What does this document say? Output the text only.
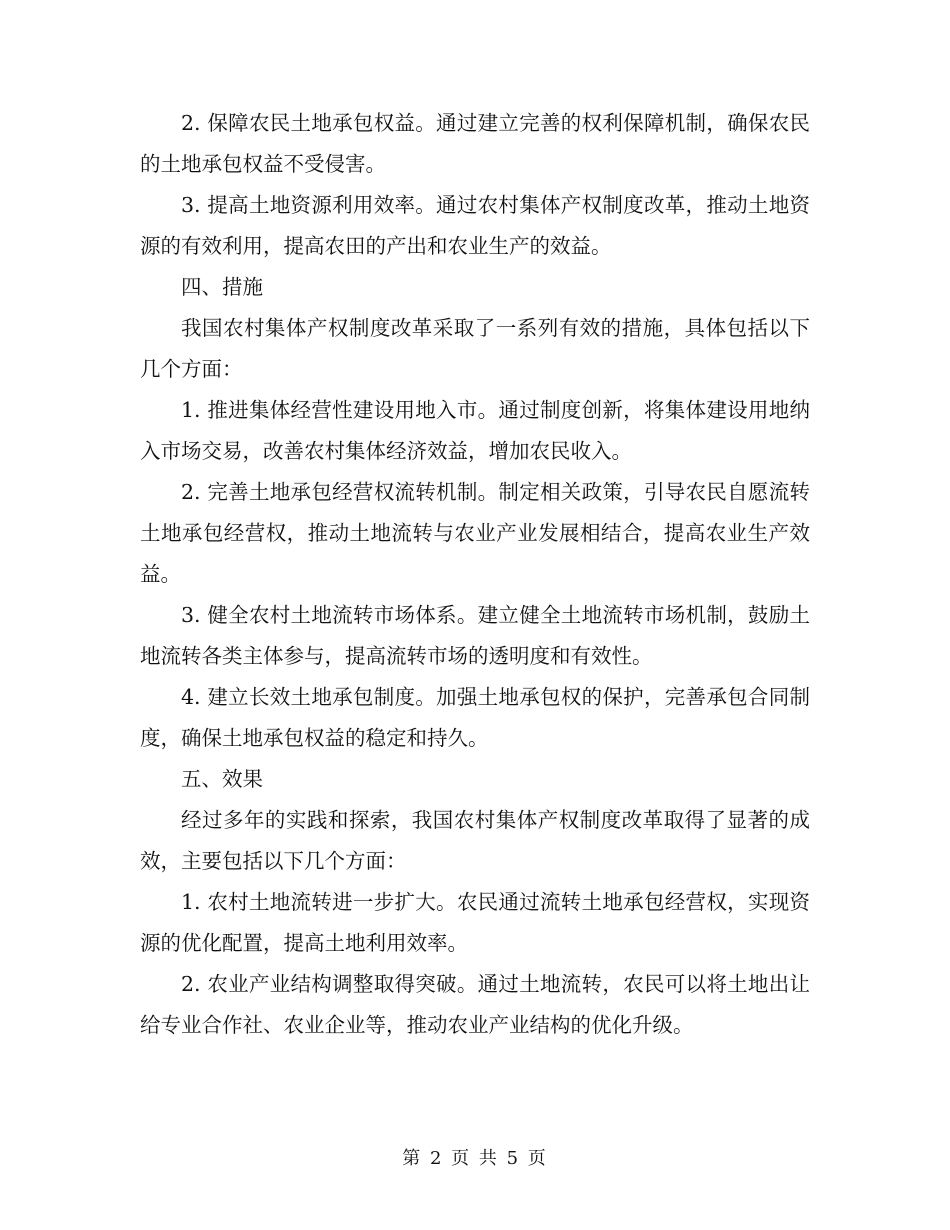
2. 保障农民土地承包权益。通过建立完善的权利保障机制，确保农民的土地承包权益不受侵害。

3. 提高土地资源利用效率。通过农村集体产权制度改革，推动土地资源的有效利用，提高农田的产出和农业生产的效益。

四、措施

我国农村集体产权制度改革采取了一系列有效的措施，具体包括以下几个方面：

1. 推进集体经营性建设用地入市。通过制度创新，将集体建设用地纳入市场交易，改善农村集体经济效益，增加农民收入。

2. 完善土地承包经营权流转机制。制定相关政策，引导农民自愿流转土地承包经营权，推动土地流转与农业产业发展相结合，提高农业生产效益。

3. 健全农村土地流转市场体系。建立健全土地流转市场机制，鼓励土地流转各类主体参与，提高流转市场的透明度和有效性。

4. 建立长效土地承包制度。加强土地承包权的保护，完善承包合同制度，确保土地承包权益的稳定和持久。

五、效果

经过多年的实践和探索，我国农村集体产权制度改革取得了显著的成效，主要包括以下几个方面：

1. 农村土地流转进一步扩大。农民通过流转土地承包经营权，实现资源的优化配置，提高土地利用效率。

2. 农业产业结构调整取得突破。通过土地流转，农民可以将土地出让给专业合作社、农业企业等，推动农业产业结构的优化升级。

第 2 页 共 5 页
